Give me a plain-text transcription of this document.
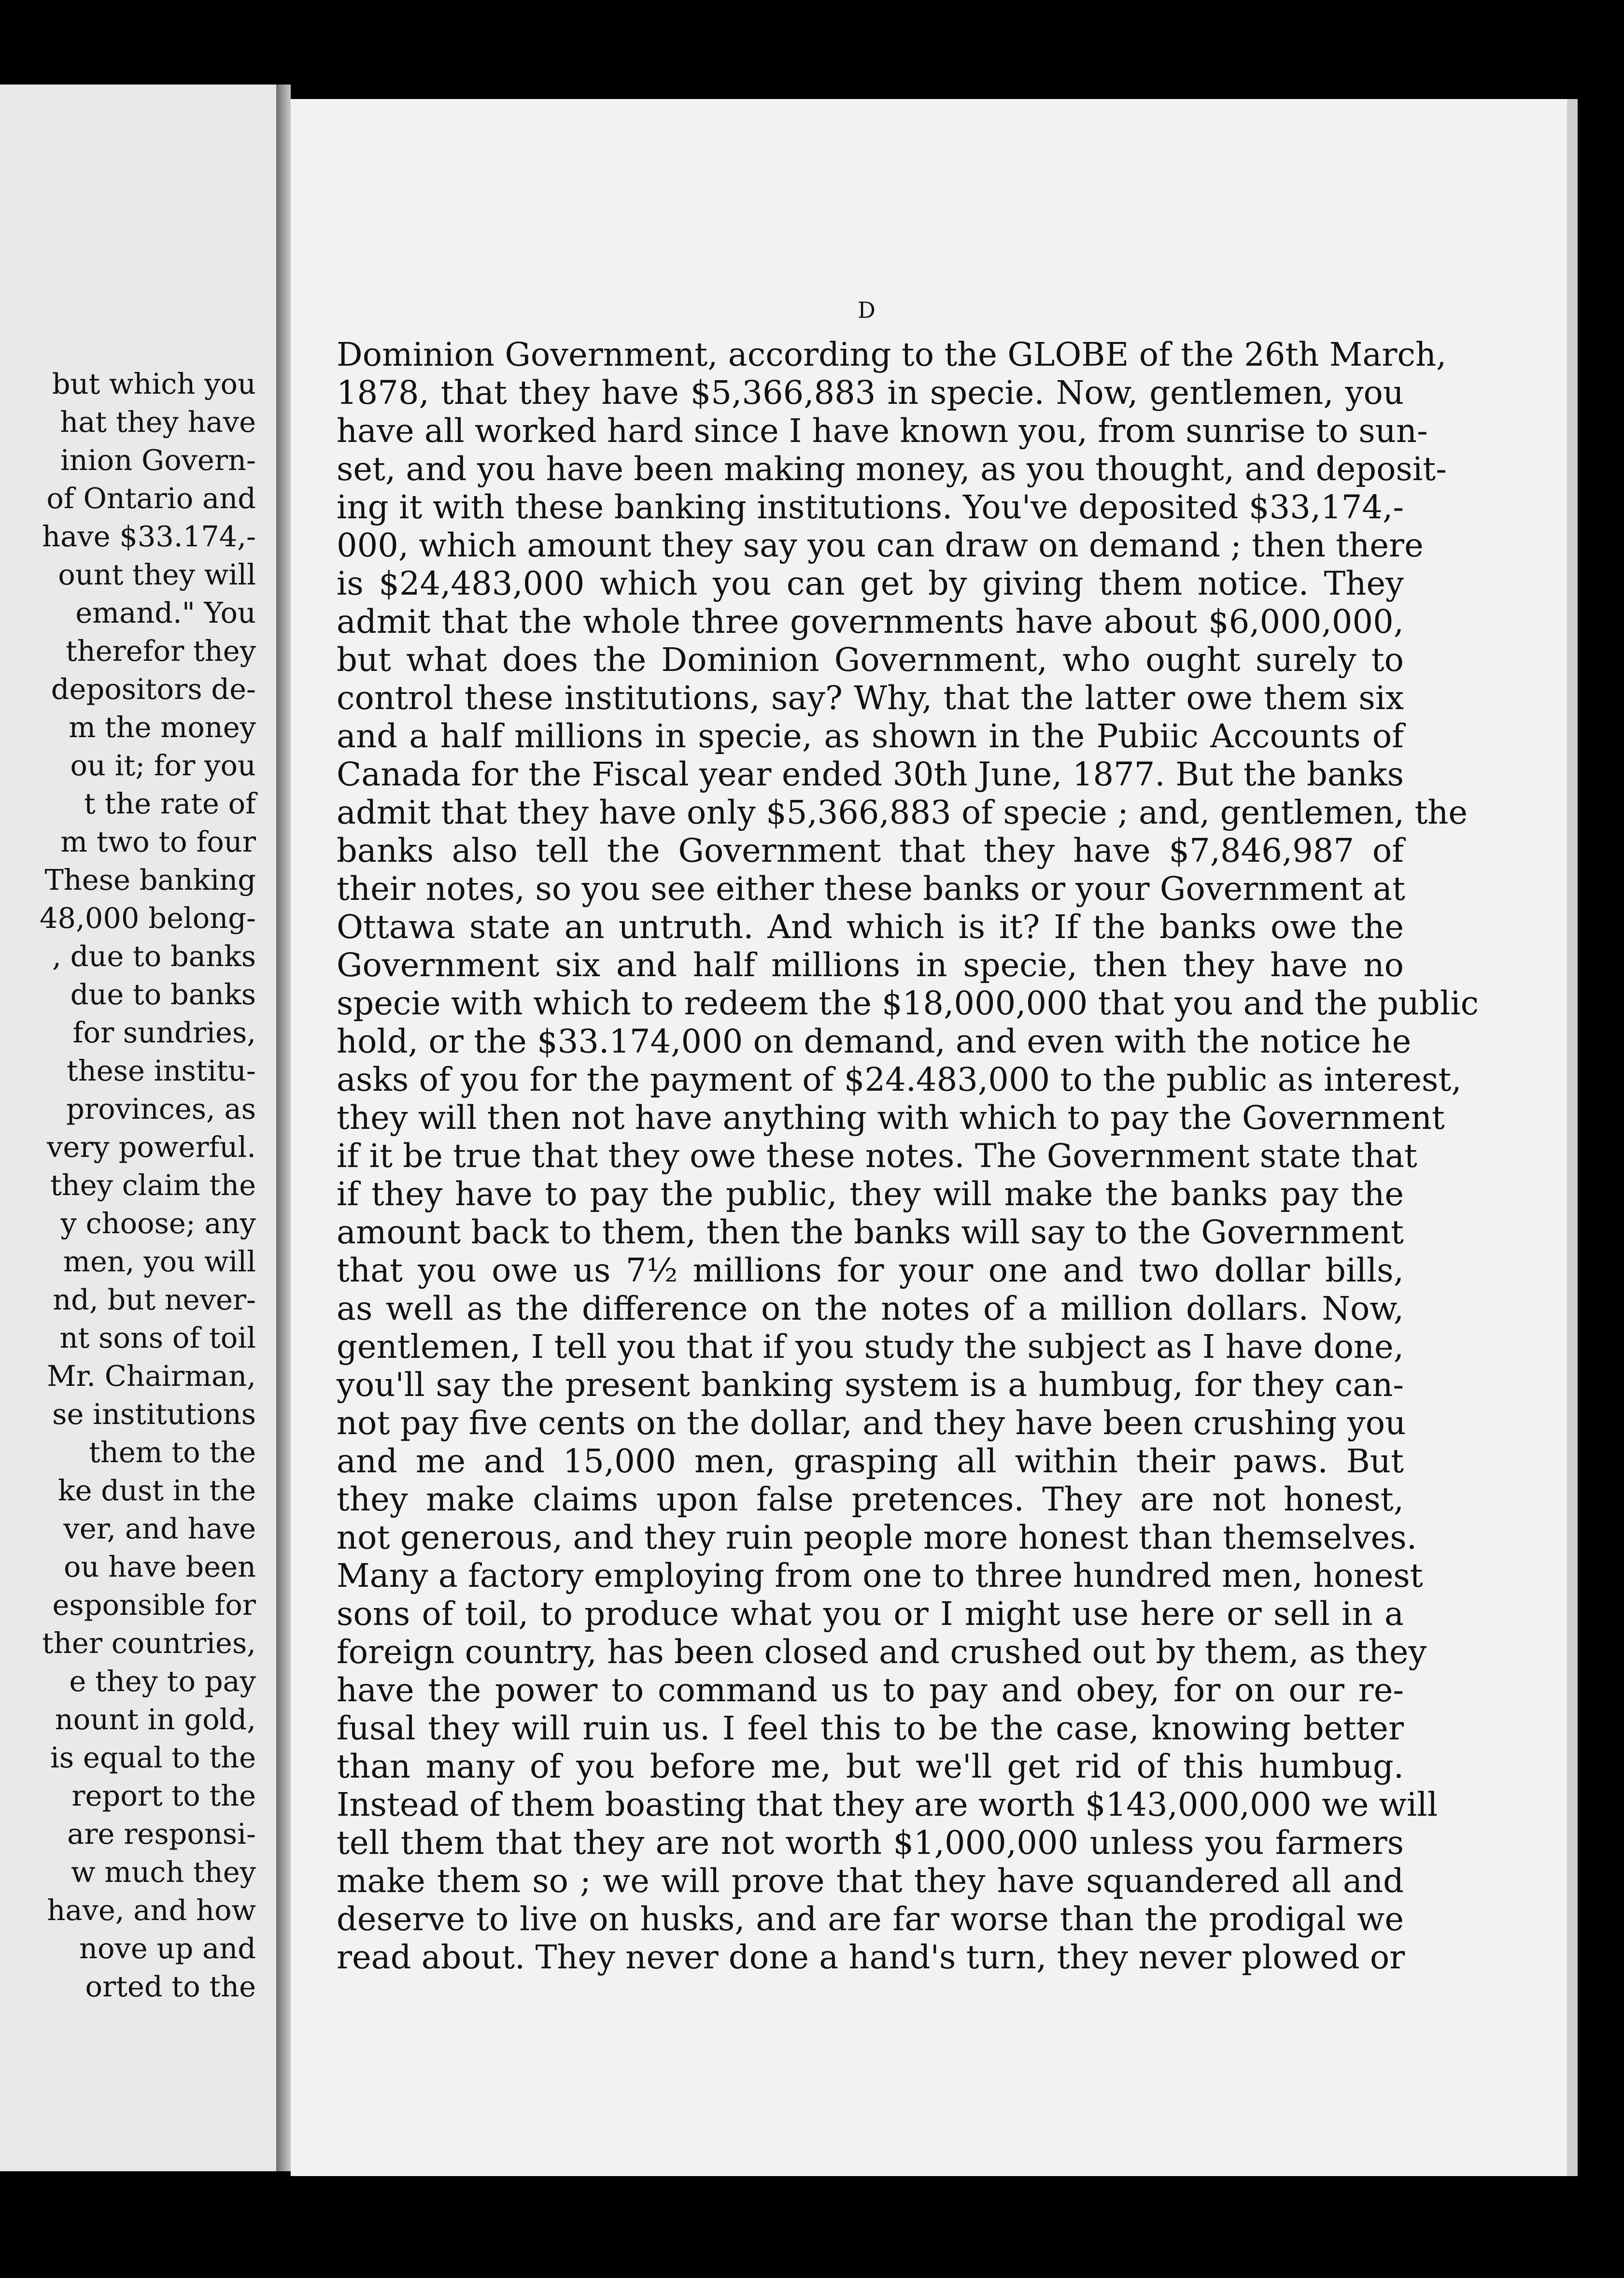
but which you
hat they have
inion Govern-
of Ontario and
have $33.174,-
ount they will
emand." You
therefor they
depositors de-
m the money
ou it; for you
t the rate of
m two to four
These banking
48,000 belong-
, due to banks
due to banks
for sundries,
these institu-
provinces, as
very powerful.
they claim the
y choose; any
men, you will
nd, but never-
nt sons of toil
Mr. Chairman,
se institutions
them to the
ke dust in the
ver, and have
ou have been
esponsible for
ther countries,
e they to pay
nount in gold,
is equal to the
report to the
are responsi-
w much they
have, and how
nove up and
orted to the
D
Dominion Government, according to the GLOBE of the 26th March,
1878, that they have $5,366,883 in specie. Now, gentlemen, you
have all worked hard since I have known you, from sunrise to sun-
set, and you have been making money, as you thought, and deposit-
ing it with these banking institutions. You've deposited $33,174,-
000, which amount they say you can draw on demand ; then there
is $24,483,000 which you can get by giving them notice. They
admit that the whole three governments have about $6,000,000,
but what does the Dominion Government, who ought surely to
control these institutions, say? Why, that the latter owe them six
and a half millions in specie, as shown in the Pubiic Accounts of
Canada for the Fiscal year ended 30th June, 1877. But the banks
admit that they have only $5,366,883 of specie ; and, gentlemen, the
banks also tell the Government that they have $7,846,987 of
their notes, so you see either these banks or your Government at
Ottawa state an untruth. And which is it? If the banks owe the
Government six and half millions in specie, then they have no
specie with which to redeem the $18,000,000 that you and the public
hold, or the $33.174,000 on demand, and even with the notice he
asks of you for the payment of $24.483,000 to the public as interest,
they will then not have anything with which to pay the Government
if it be true that they owe these notes. The Government state that
if they have to pay the public, they will make the banks pay the
amount back to them, then the banks will say to the Government
that you owe us 7½ millions for your one and two dollar bills,
as well as the difference on the notes of a million dollars. Now,
gentlemen, I tell you that if you study the subject as I have done,
you'll say the present banking system is a humbug, for they can-
not pay five cents on the dollar, and they have been crushing you
and me and 15,000 men, grasping all within their paws. But
they make claims upon false pretences. They are not honest,
not generous, and they ruin people more honest than themselves.
Many a factory employing from one to three hundred men, honest
sons of toil, to produce what you or I might use here or sell in a
foreign country, has been closed and crushed out by them, as they
have the power to command us to pay and obey, for on our re-
fusal they will ruin us. I feel this to be the case, knowing better
than many of you before me, but we'll get rid of this humbug.
Instead of them boasting that they are worth $143,000,000 we will
tell them that they are not worth $1,000,000 unless you farmers
make them so ; we will prove that they have squandered all and
deserve to live on husks, and are far worse than the prodigal we
read about. They never done a hand's turn, they never plowed or
